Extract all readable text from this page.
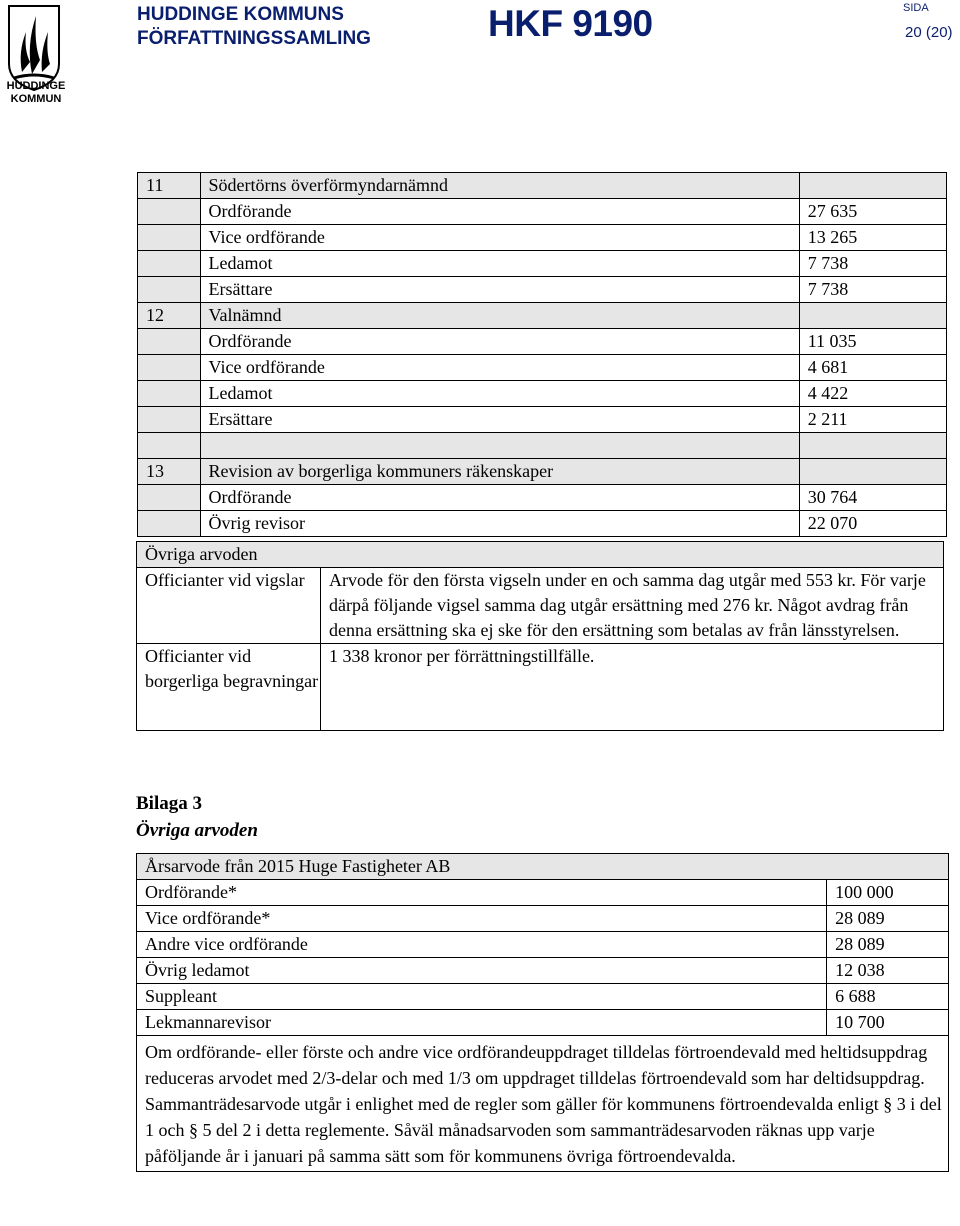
HUDDINGE KOMMUN
HUDDINGE KOMMUNS
FÖRFATTNINGSSAMLING	HKF 9190	SIDA
20 (20)
11	Södertörns överförmyndarnämnd	
	Ordförande	27 635
	Vice ordförande	13 265
	Ledamot	7 738
	Ersättare	7 738
12	Valnämnd	
	Ordförande	11 035
	Vice ordförande	4 681
	Ledamot	4 422
	Ersättare	2 211

13	Revision av borgerliga kommuners räkenskaper	
	Ordförande	30 764
	Övrig revisor	22 070
Övriga arvoden	
Officianter vid vigslar	Arvode för den första vigseln under en och samma dag utgår med 553 kr. För varje därpå följande vigsel samma dag utgår ersättning med 276 kr. Något avdrag från denna ersättning ska ej ske för den ersättning som betalas av från länsstyrelsen.
Officianter vid borgerliga begravningar	1 338 kronor per förrättningstillfälle.
Bilaga 3
Övriga arvoden
Årsarvode från 2015 Huge Fastigheter AB	
Ordförande*	100 000
Vice ordförande*	28 089
Andre vice ordförande	28 089
Övrig ledamot	12 038
Suppleant	6 688
Lekmannarevisor	10 700

Om ordförande- eller förste och andre vice ordförandeuppdraget tilldelas förtroendevald med heltidsuppdrag reduceras arvodet med 2/3-delar och med 1/3 om uppdraget tilldelas förtroendevald som har deltidsuppdrag.
Sammanträdesarvode utgår i enlighet med de regler som gäller för kommunens förtroendevalda enligt § 3 i del 1 och § 5 del 2 i detta reglemente. Såväl månadsarvoden som sammanträdesarvoden räknas upp varje påföljande år i januari på samma sätt som för kommunens övriga förtroendevalda.	
